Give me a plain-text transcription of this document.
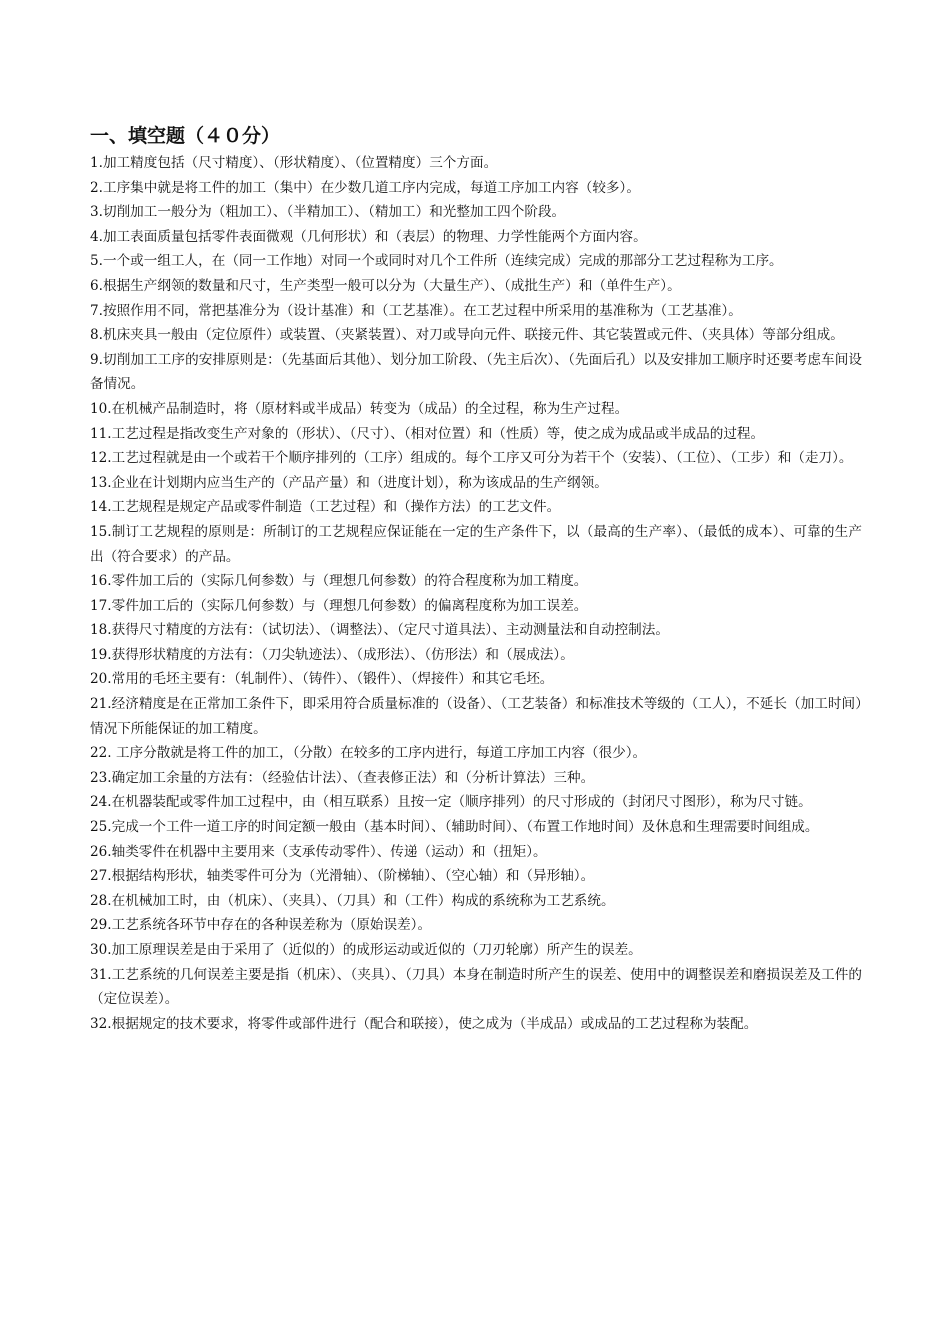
一、填空题（４０分）
1.加工精度包括（尺寸精度）、（形状精度）、（位置精度）三个方面。
2.工序集中就是将工件的加工（集中）在少数几道工序内完成，每道工序加工内容（较多）。
3.切削加工一般分为（粗加工）、（半精加工）、（精加工）和光整加工四个阶段。
4.加工表面质量包括零件表面微观（几何形状）和（表层）的物理、力学性能两个方面内容。
5.一个或一组工人，在（同一工作地）对同一个或同时对几个工件所（连续完成）完成的那部分工艺过程称为工序。
6.根据生产纲领的数量和尺寸，生产类型一般可以分为（大量生产）、（成批生产）和（单件生产）。
7.按照作用不同，常把基准分为（设计基准）和（工艺基准）。在工艺过程中所采用的基准称为（工艺基准）。
8.机床夹具一般由（定位原件）或装置、（夹紧装置）、对刀或导向元件、联接元件、其它装置或元件、（夹具体）等部分组成。
9.切削加工工序的安排原则是：（先基面后其他）、划分加工阶段、（先主后次）、（先面后孔）以及安排加工顺序时还要考虑车间设备情况。
10.在机械产品制造时，将（原材料或半成品）转变为（成品）的全过程，称为生产过程。
11.工艺过程是指改变生产对象的（形状）、（尺寸）、（相对位置）和（性质）等，使之成为成品或半成品的过程。
12.工艺过程就是由一个或若干个顺序排列的（工序）组成的。每个工序又可分为若干个（安装）、（工位）、（工步）和（走刀）。
13.企业在计划期内应当生产的（产品产量）和（进度计划），称为该成品的生产纲领。
14.工艺规程是规定产品或零件制造（工艺过程）和（操作方法）的工艺文件。
15.制订工艺规程的原则是：所制订的工艺规程应保证能在一定的生产条件下，以（最高的生产率）、（最低的成本）、可靠的生产出（符合要求）的产品。
16.零件加工后的（实际几何参数）与（理想几何参数）的符合程度称为加工精度。
17.零件加工后的（实际几何参数）与（理想几何参数）的偏离程度称为加工误差。
18.获得尺寸精度的方法有：（试切法）、（调整法）、（定尺寸道具法）、主动测量法和自动控制法。
19.获得形状精度的方法有：（刀尖轨迹法）、（成形法）、（仿形法）和（展成法）。
20.常用的毛坯主要有：（轧制件）、（铸件）、（锻件）、（焊接件）和其它毛坯。
21.经济精度是在正常加工条件下，即采用符合质量标准的（设备）、（工艺装备）和标准技术等级的（工人），不延长（加工时间）情况下所能保证的加工精度。
22. 工序分散就是将工件的加工，（分散）在较多的工序内进行，每道工序加工内容（很少）。
23.确定加工余量的方法有：（经验估计法）、（查表修正法）和（分析计算法）三种。
24.在机器装配或零件加工过程中，由（相互联系）且按一定（顺序排列）的尺寸形成的（封闭尺寸图形），称为尺寸链。
25.完成一个工件一道工序的时间定额一般由（基本时间）、（辅助时间）、（布置工作地时间）及休息和生理需要时间组成。
26.轴类零件在机器中主要用来（支承传动零件）、传递（运动）和（扭矩）。
27.根据结构形状，轴类零件可分为（光滑轴）、（阶梯轴）、（空心轴）和（异形轴）。
28.在机械加工时，由（机床）、（夹具）、（刀具）和（工件）构成的系统称为工艺系统。
29.工艺系统各环节中存在的各种误差称为（原始误差）。
30.加工原理误差是由于采用了（近似的）的成形运动或近似的（刀刃轮廓）所产生的误差。
31.工艺系统的几何误差主要是指（机床）、（夹具）、（刀具）本身在制造时所产生的误差、使用中的调整误差和磨损误差及工件的（定位误差）。
32.根据规定的技术要求，将零件或部件进行（配合和联接），使之成为（半成品）或成品的工艺过程称为装配。
